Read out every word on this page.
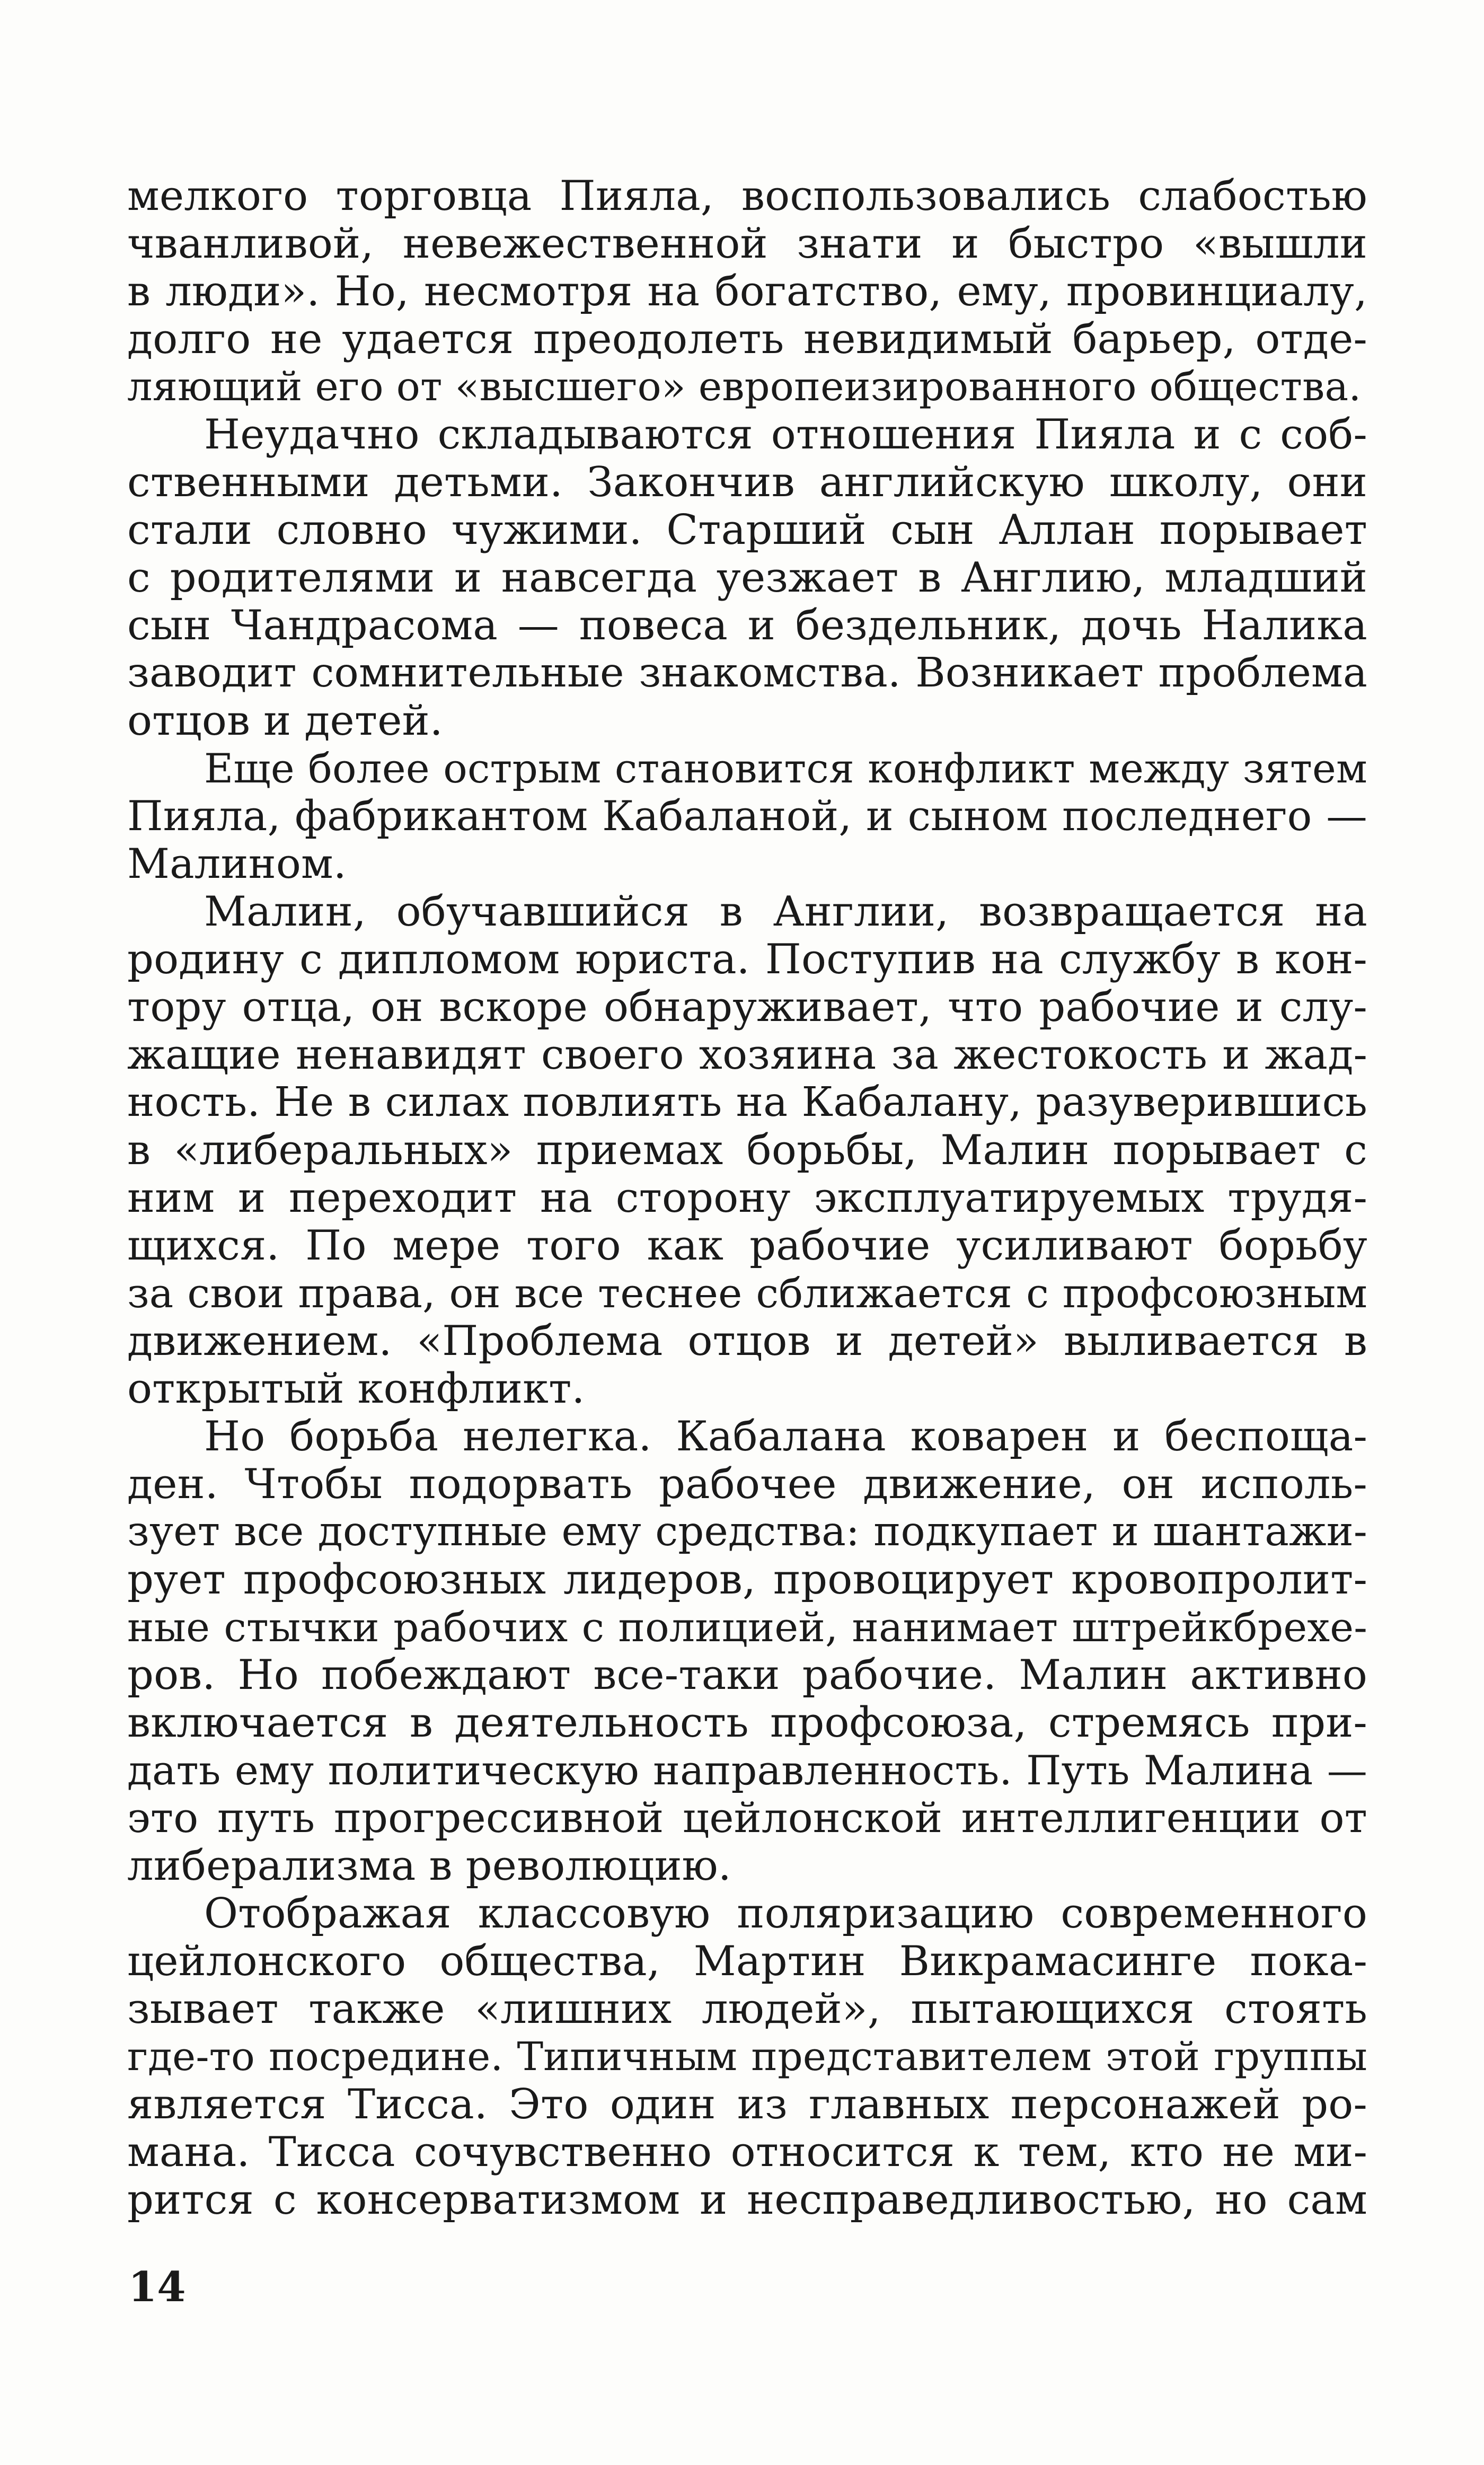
мелкого торговца Пияла, воспользовались слабостью
чванливой, невежественной знати и быстро «вышли
в люди». Но, несмотря на богатство, ему, провинциалу,
долго не удается преодолеть невидимый барьер, отде-
ляющий его от «высшего» европеизированного общества.
Неудачно складываются отношения Пияла и с соб-
ственными детьми. Закончив английскую школу, они
стали словно чужими. Старший сын Аллан порывает
с родителями и навсегда уезжает в Англию, младший
сын Чандрасома — повеса и бездельник, дочь Налика
заводит сомнительные знакомства. Возникает проблема
отцов и детей.
Еще более острым становится конфликт между зятем
Пияла, фабрикантом Кабаланой, и сыном последнего —
Малином.
Малин, обучавшийся в Англии, возвращается на
родину с дипломом юриста. Поступив на службу в кон-
тору отца, он вскоре обнаруживает, что рабочие и слу-
жащие ненавидят своего хозяина за жестокость и жад-
ность. Не в силах повлиять на Кабалану, разуверившись
в «либеральных» приемах борьбы, Малин порывает с
ним и переходит на сторону эксплуатируемых трудя-
щихся. По мере того как рабочие усиливают борьбу
за свои права, он все теснее сближается с профсоюзным
движением. «Проблема отцов и детей» выливается в
открытый конфликт.
Но борьба нелегка. Кабалана коварен и беспоща-
ден. Чтобы подорвать рабочее движение, он исполь-
зует все доступные ему средства: подкупает и шантажи-
рует профсоюзных лидеров, провоцирует кровопролит-
ные стычки рабочих с полицией, нанимает штрейкбрехе-
ров. Но побеждают все-таки рабочие. Малин активно
включается в деятельность профсоюза, стремясь при-
дать ему политическую направленность. Путь Малина —
это путь прогрессивной цейлонской интеллигенции от
либерализма в революцию.
Отображая классовую поляризацию современного
цейлонского общества, Мартин Викрамасинге пока-
зывает также «лишних людей», пытающихся стоять
где-то посредине. Типичным представителем этой группы
является Тисса. Это один из главных персонажей ро-
мана. Тисса сочувственно относится к тем, кто не ми-
рится с консерватизмом и несправедливостью, но сам
14
